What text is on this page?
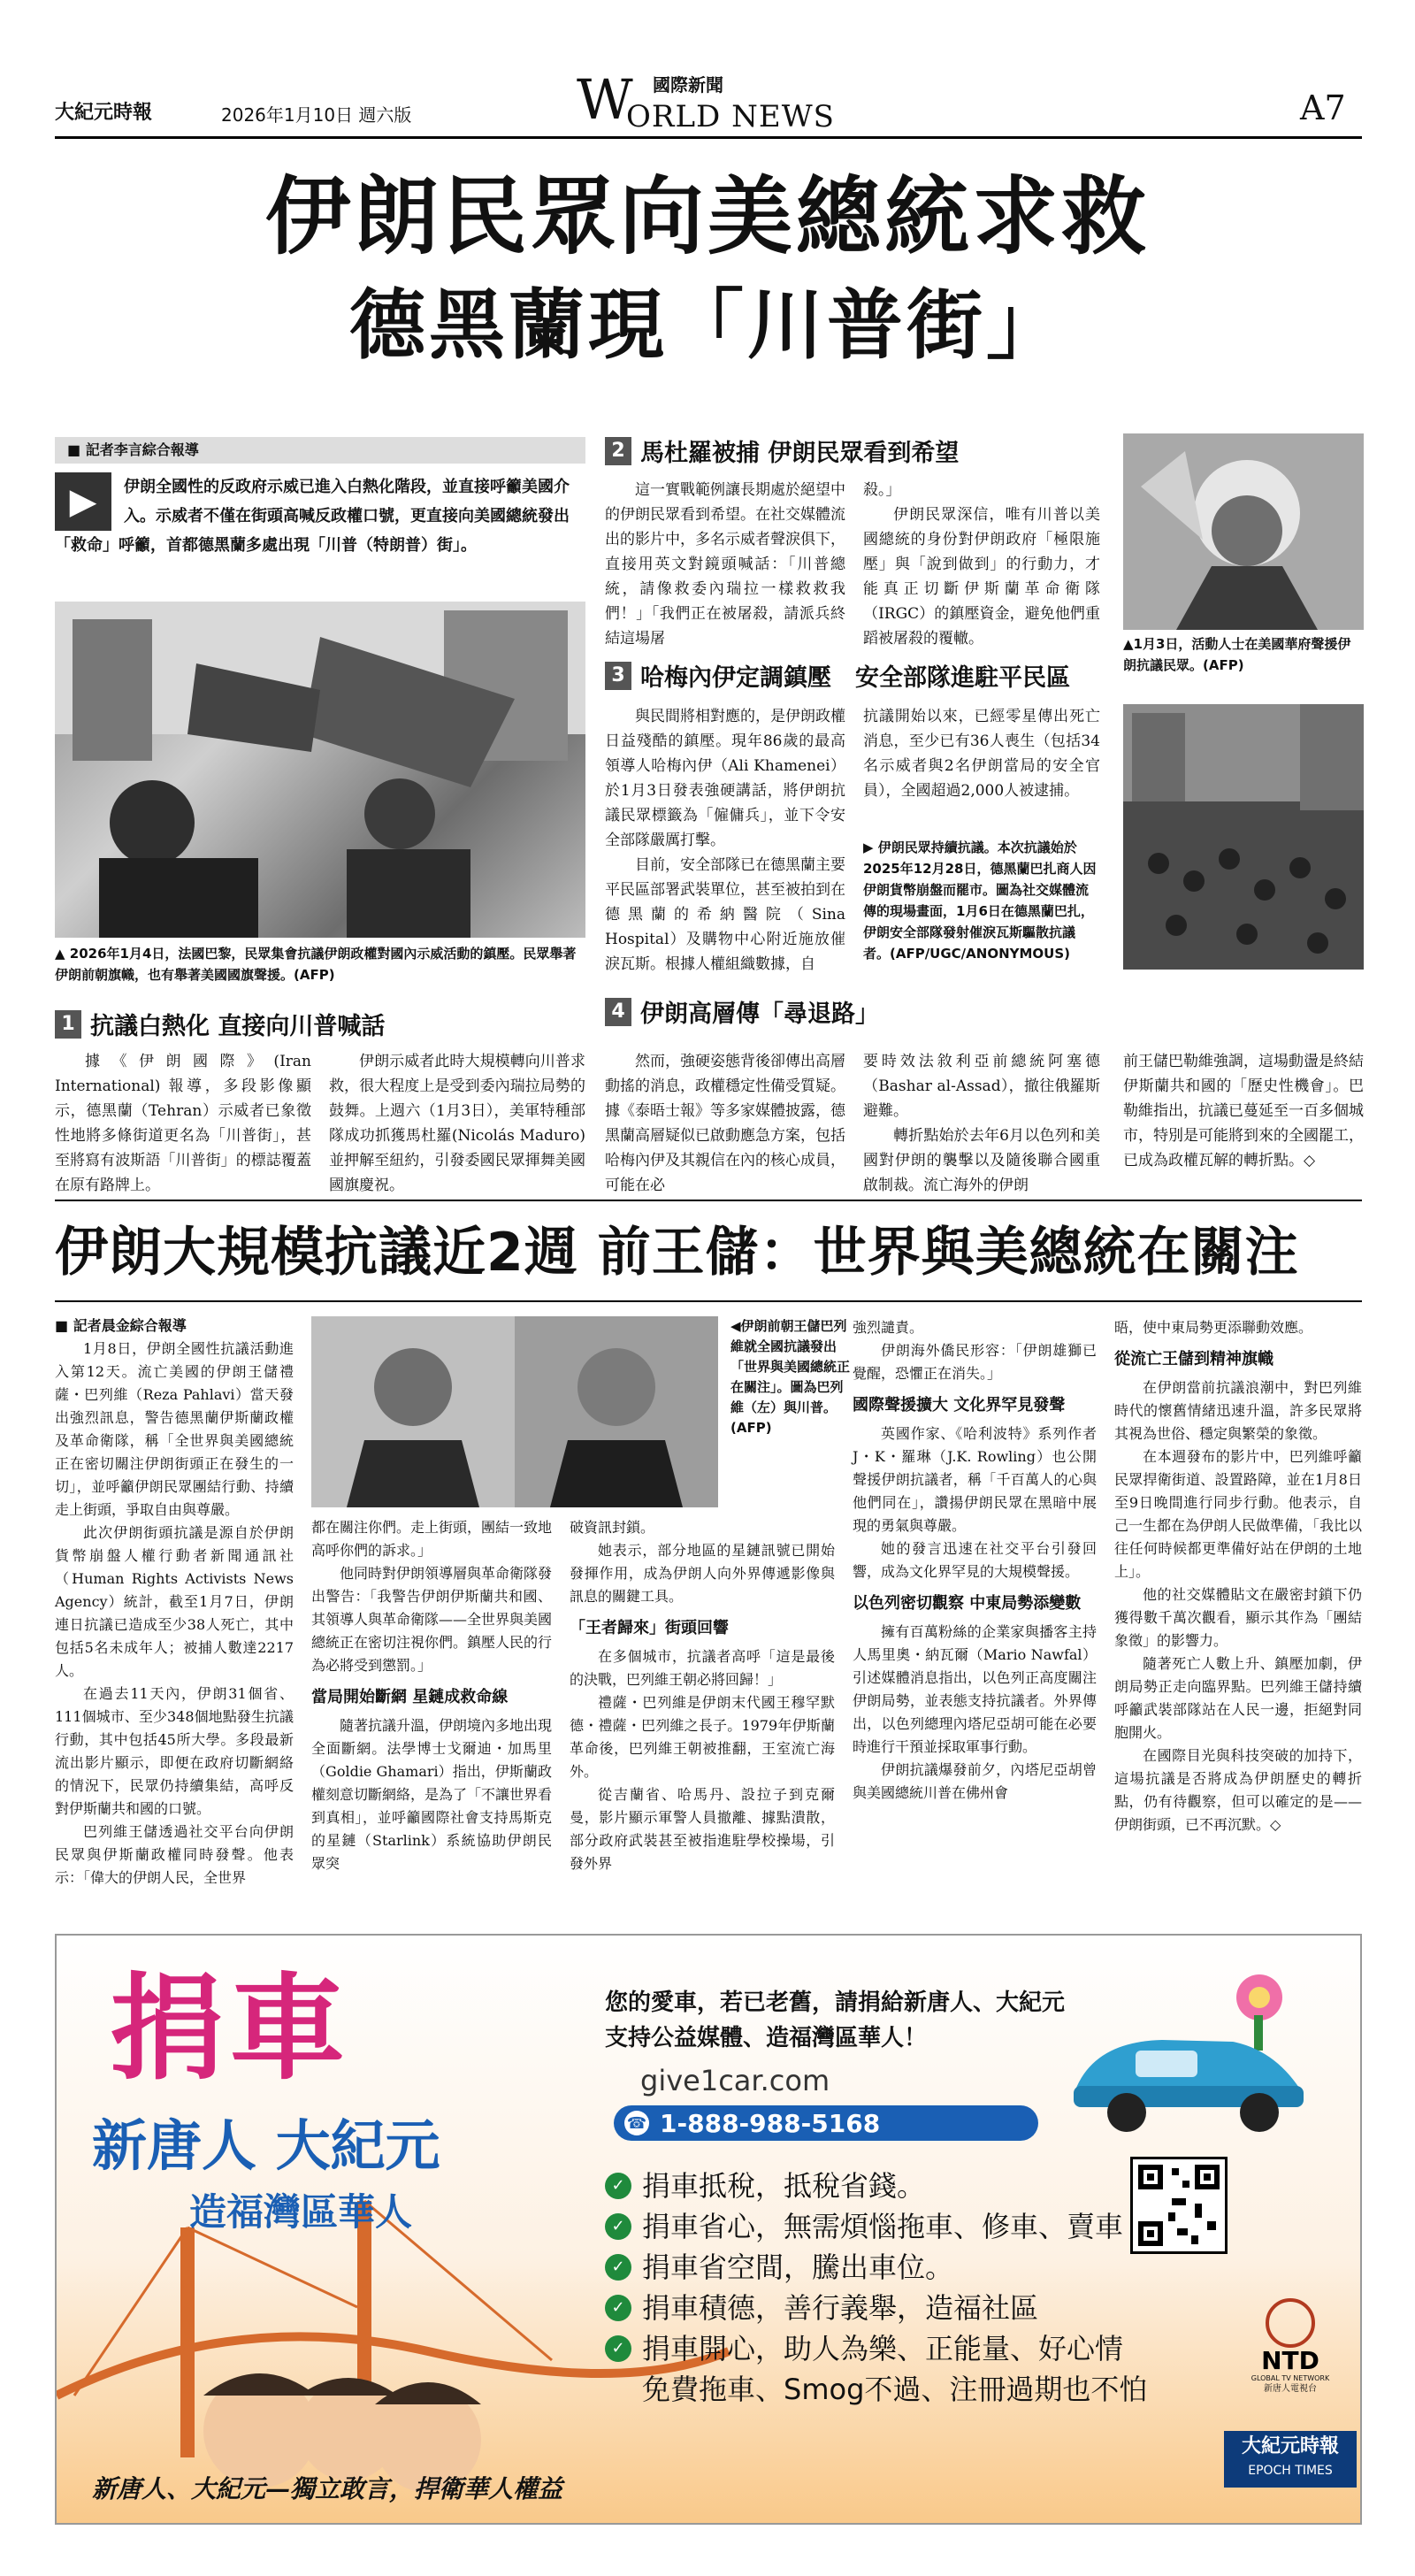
大紀元時報	2026年1月10日 週六版	W 國際新聞
ORLD NEWS	A7
伊朗民眾向美總統求救
德黑蘭現「川普街」
■ 記者李言綜合報導
▶	伊朗全國性的反政府示威已進入白熱化階段，並直接呼籲美國介入。示威者不僅在街頭高喊反政權口號，更直接向美國總統發出「救命」呼籲，首都德黑蘭多處出現「川普（特朗普）街」。
▲ 2026年1月4日，法國巴黎，民眾集會抗議伊朗政權對國內示威活動的鎮壓。民眾舉著伊朗前朝旗幟，也有舉著美國國旗聲援。(AFP)
1 抗議白熱化 直接向川普喊話

據《伊朗國際》(Iran International) 報導，多段影像顯示，德黑蘭（Tehran）示威者已象徵性地將多條街道更名為「川普街」，甚至將寫有波斯語「川普街」的標誌覆蓋在原有路牌上。

伊朗示威者此時大規模轉向川普求救，很大程度上是受到委內瑞拉局勢的鼓舞。上週六（1月3日），美軍特種部隊成功抓獲馬杜羅(Nicolás Maduro)並押解至紐約，引發委國民眾揮舞美國國旗慶祝。

2 馬杜羅被捕 伊朗民眾看到希望

這一實戰範例讓長期處於絕望中的伊朗民眾看到希望。在社交媒體流出的影片中，多名示威者聲淚俱下，直接用英文對鏡頭喊話：「川普總統，請像救委內瑞拉一樣救救我們！」「我們正在被屠殺，請派兵終結這場屠

殺。」

伊朗民眾深信，唯有川普以美國總統的身份對伊朗政府「極限施壓」與「說到做到」的行動力，才能真正切斷伊斯蘭革命衛隊（IRGC）的鎮壓資金，避免他們重蹈被屠殺的覆轍。	▲1月3日，活動人士在美國華府聲援伊朗抗議民眾。(AFP)
3 哈梅內伊定調鎮壓　安全部隊進駐平民區

與民間將相對應的，是伊朗政權日益殘酷的鎮壓。現年86歲的最高領導人哈梅內伊（Ali Khamenei）於1月3日發表強硬講話，將伊朗抗議民眾標籤為「僱傭兵」，並下令安全部隊嚴厲打擊。

目前，安全部隊已在德黑蘭主要平民區部署武裝單位，甚至被拍到在德黑蘭的希納醫院（Sina Hospital）及購物中心附近施放催淚瓦斯。根據人權組織數據，自

抗議開始以來，已經零星傳出死亡消息，至少已有36人喪生（包括34名示威者與2名伊朗當局的安全官員），全國超過2,000人被逮捕。

▶ 伊朗民眾持續抗議。本次抗議始於2025年12月28日，德黑蘭巴扎商人因伊朗貨幣崩盤而罷市。圖為社交媒體流傳的現場畫面，1月6日在德黑蘭巴扎，伊朗安全部隊發射催淚瓦斯驅散抗議者。(AFP/UGC/ANONYMOUS)
4 伊朗高層傳「尋退路」

然而，強硬姿態背後卻傳出高層動搖的消息，政權穩定性備受質疑。據《泰晤士報》等多家媒體披露，德黑蘭高層疑似已啟動應急方案，包括哈梅內伊及其親信在內的核心成員，可能在必

要時效法敘利亞前總統阿塞德（Bashar al-Assad），撤往俄羅斯避難。

轉折點始於去年6月以色列和美國對伊朗的襲擊以及隨後聯合國重啟制裁。流亡海外的伊朗

前王儲巴勒維強調，這場動盪是終結伊斯蘭共和國的「歷史性機會」。巴勒維指出，抗議已蔓延至一百多個城市，特別是可能將到來的全國罷工，已成為政權瓦解的轉折點。◇

伊朗大規模抗議近2週 前王儲：世界與美總統在關注
■ 記者晨金綜合報導

1月8日，伊朗全國性抗議活動進入第12天。流亡美國的伊朗王儲禮薩・巴列維（Reza Pahlavi）當天發出強烈訊息，警告德黑蘭伊斯蘭政權及革命衛隊，稱「全世界與美國總統正在密切關注伊朗街頭正在發生的一切」，並呼籲伊朗民眾團結行動、持續走上街頭，爭取自由與尊嚴。

此次伊朗街頭抗議是源自於伊朗貨幣崩盤人權行動者新聞通訊社（Human Rights Activists News Agency）統計，截至1月7日，伊朗連日抗議已造成至少38人死亡，其中包括5名未成年人；被捕人數達2217人。

在過去11天內，伊朗31個省、111個城市、至少348個地點發生抗議行動，其中包括45所大學。多段最新流出影片顯示，即便在政府切斷網絡的情況下，民眾仍持續集結，高呼反對伊斯蘭共和國的口號。

巴列維王儲透過社交平台向伊朗民眾與伊斯蘭政權同時發聲。他表示：「偉大的伊朗人民，全世界

◀伊朗前朝王儲巴列維就全國抗議發出「世界與美國總統正在關注」。圖為巴列維（左）與川普。(AFP)

都在關注你們。走上街頭，團結一致地高呼你們的訴求。」

他同時對伊朗領導層與革命衛隊發出警告：「我警告伊朗伊斯蘭共和國、其領導人與革命衛隊——全世界與美國總統正在密切注視你們。鎮壓人民的行為必將受到懲罰。」

當局開始斷網 星鏈成救命線

隨著抗議升溫，伊朗境內多地出現全面斷網。法學博士戈爾迪・加馬里（Goldie Ghamari）指出，伊斯蘭政權刻意切斷網絡，是為了「不讓世界看到真相」，並呼籲國際社會支持馬斯克的星鏈（Starlink）系統協助伊朗民眾突

破資訊封鎖。

她表示，部分地區的星鏈訊號已開始發揮作用，成為伊朗人向外界傳遞影像與訊息的關鍵工具。

「王者歸來」街頭回響

在多個城市，抗議者高呼「這是最後的決戰，巴列維王朝必將回歸！」

禮薩・巴列維是伊朗末代國王穆罕默德・禮薩・巴列維之長子。1979年伊斯蘭革命後，巴列維王朝被推翻，王室流亡海外。

從吉蘭省、哈馬丹、設拉子到克爾曼，影片顯示軍警人員撤離、據點潰散，部分政府武裝甚至被指進駐學校操場，引發外界

強烈譴責。

伊朗海外僑民形容：「伊朗雄獅已覺醒，恐懼正在消失。」

國際聲援擴大 文化界罕見發聲

英國作家、《哈利波特》系列作者J・K・羅琳（J.K. Rowling）也公開聲援伊朗抗議者，稱「千百萬人的心與他們同在」，讚揚伊朗民眾在黑暗中展現的勇氣與尊嚴。

她的發言迅速在社交平台引發回響，成為文化界罕見的大規模聲援。

以色列密切觀察 中東局勢添變數

擁有百萬粉絲的企業家與播客主持人馬里奧・納瓦爾（Mario Nawfal）引述媒體消息指出，以色列正高度關注伊朗局勢，並表態支持抗議者。外界傳出，以色列總理內塔尼亞胡可能在必要時進行干預並採取軍事行動。

伊朗抗議爆發前夕，內塔尼亞胡曾與美國總統川普在佛州會

晤，使中東局勢更添聯動效應。

從流亡王儲到精神旗幟

在伊朗當前抗議浪潮中，對巴列維時代的懷舊情緒迅速升溫，許多民眾將其視為世俗、穩定與繁榮的象徵。

在本週發布的影片中，巴列維呼籲民眾捍衛街道、設置路障，並在1月8日至9日晚間進行同步行動。他表示，自己一生都在為伊朗人民做準備，「我比以往任何時候都更準備好站在伊朗的土地上」。

他的社交媒體貼文在嚴密封鎖下仍獲得數千萬次觀看，顯示其作為「團結象徵」的影響力。

隨著死亡人數上升、鎮壓加劇，伊朗局勢正走向臨界點。巴列維王儲持續呼籲武裝部隊站在人民一邊，拒絕對同胞開火。

在國際目光與科技突破的加持下，這場抗議是否將成為伊朗歷史的轉折點，仍有待觀察，但可以確定的是——伊朗街頭，已不再沉默。◇

捐車
新唐人 大紀元
造福灣區華人
您的愛車，若已老舊，請捐給新唐人、大紀元
支持公益媒體、造福灣區華人！
give1car.com
☎ 1-888-988-5168
✓ 捐車抵稅，抵稅省錢。
✓ 捐車省心，無需煩惱拖車、修車、賣車
✓ 捐車省空間，騰出車位。
✓ 捐車積德，善行義舉，造福社區
✓ 捐車開心，助人為樂、正能量、好心情
免費拖車、Smog不過、注冊過期也不怕
NTD
GLOBAL TV NETWORK
新唐人電視台
大紀元時報
EPOCH TIMES
新唐人、大紀元—獨立敢言，捍衛華人權益
